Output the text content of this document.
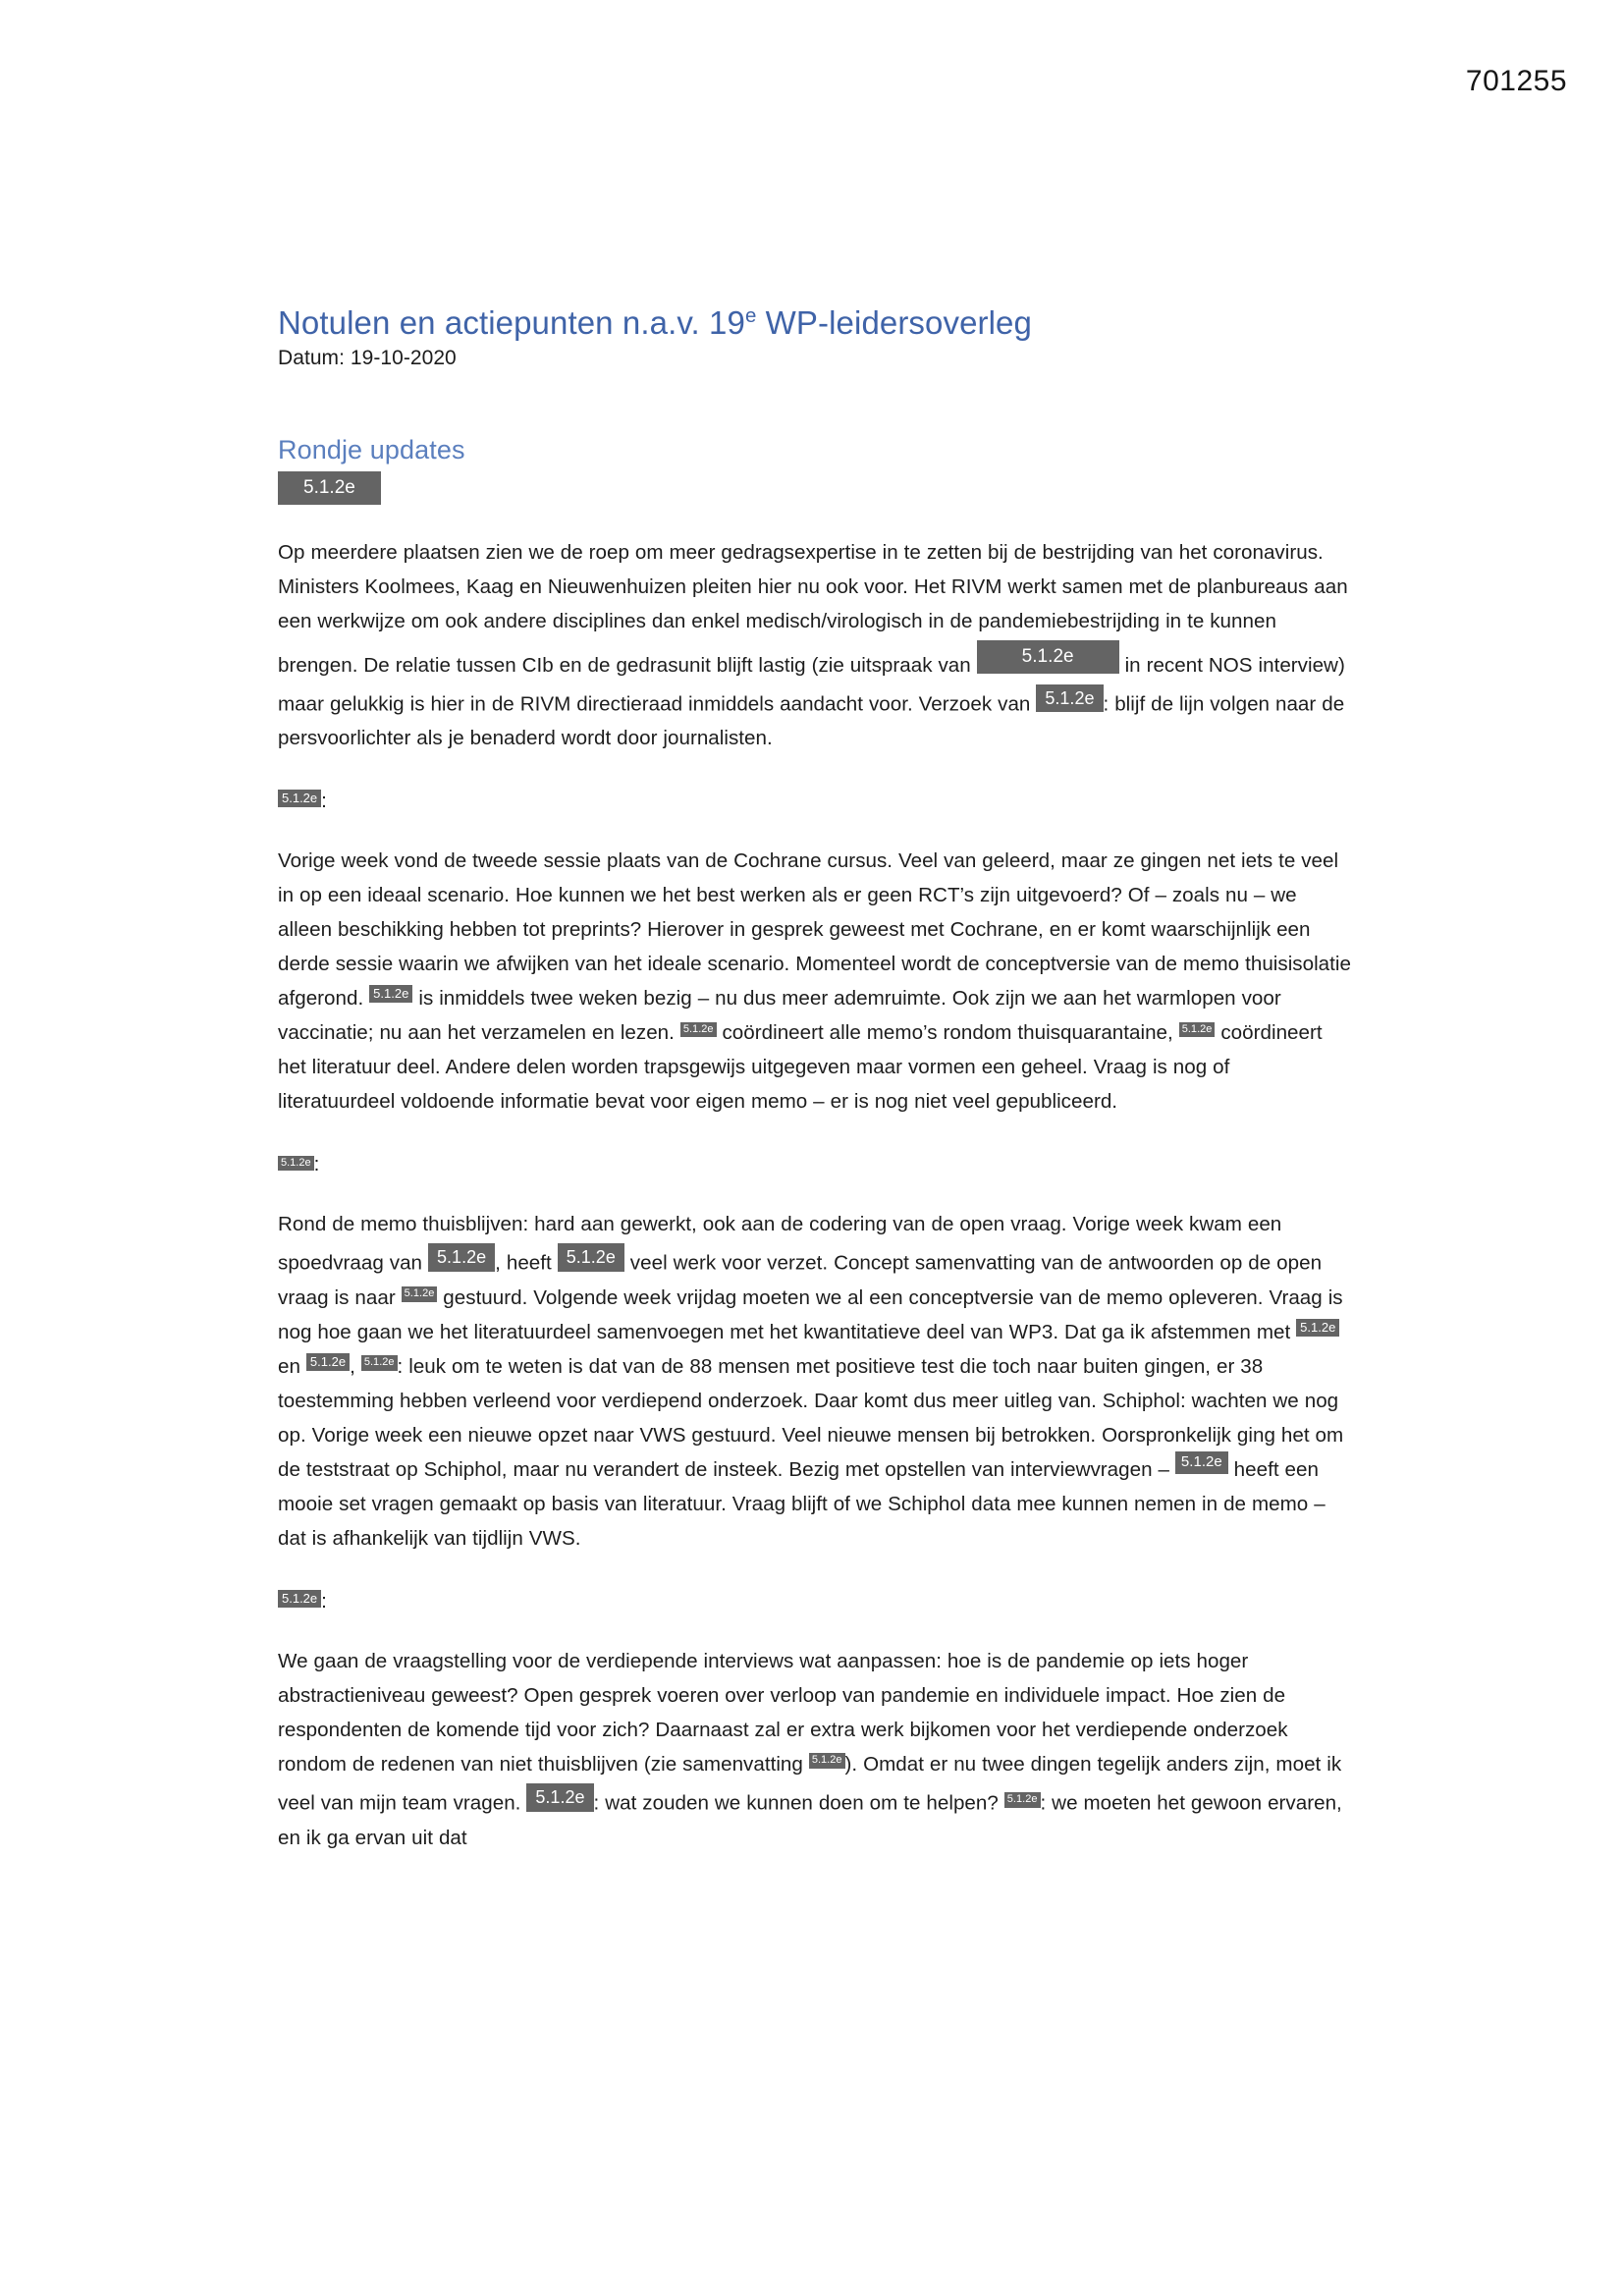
701255
Notulen en actiepunten n.a.v. 19e WP-leidersoverleg

Datum: 19-10-2020

Rondje updates

5.1.2e

Op meerdere plaatsen zien we de roep om meer gedragsexpertise in te zetten bij de bestrijding van het coronavirus. Ministers Koolmees, Kaag en Nieuwenhuizen pleiten hier nu ook voor. Het RIVM werkt samen met de planbureaus aan een werkwijze om ook andere disciplines dan enkel medisch/virologisch in de pandemiebestrijding in te kunnen brengen. De relatie tussen CIb en de gedrasunit blijft lastig (zie uitspraak van 5.1.2e in recent NOS interview) maar gelukkig is hier in de RIVM directieraad inmiddels aandacht voor. Verzoek van 5.1.2e : blijf de lijn volgen naar de persvoorlichter als je benaderd wordt door journalisten.

5.1.2e :

Vorige week vond de tweede sessie plaats van de Cochrane cursus. Veel van geleerd, maar ze gingen net iets te veel in op een ideaal scenario. Hoe kunnen we het best werken als er geen RCT’s zijn uitgevoerd? Of – zoals nu – we alleen beschikking hebben tot preprints? Hierover in gesprek geweest met Cochrane, en er komt waarschijnlijk een derde sessie waarin we afwijken van het ideale scenario. Momenteel wordt de conceptversie van de memo thuisisolatie afgerond. 5.1.2e is inmiddels twee weken bezig – nu dus meer ademruimte. Ook zijn we aan het warmlopen voor vaccinatie; nu aan het verzamelen en lezen. 5.1.2e coördineert alle memo’s rondom thuisquarantaine, 5.1.2e coördineert het literatuur deel. Andere delen worden trapsgewijs uitgegeven maar vormen een geheel. Vraag is nog of literatuurdeel voldoende informatie bevat voor eigen memo – er is nog niet veel gepubliceerd.

5.1.2e :

Rond de memo thuisblijven: hard aan gewerkt, ook aan de codering van de open vraag. Vorige week kwam een spoedvraag van 5.1.2e , heeft 5.1.2e veel werk voor verzet. Concept samenvatting van de antwoorden op de open vraag is naar 5.1.2e gestuurd. Volgende week vrijdag moeten we al een conceptversie van de memo opleveren. Vraag is nog hoe gaan we het literatuurdeel samenvoegen met het kwantitatieve deel van WP3. Dat ga ik afstemmen met 5.1.2e en 5.1.2e , 5.1.2e : leuk om te weten is dat van de 88 mensen met positieve test die toch naar buiten gingen, er 38 toestemming hebben verleend voor verdiepend onderzoek. Daar komt dus meer uitleg van. Schiphol: wachten we nog op. Vorige week een nieuwe opzet naar VWS gestuurd. Veel nieuwe mensen bij betrokken. Oorspronkelijk ging het om de teststraat op Schiphol, maar nu verandert de insteek. Bezig met opstellen van interviewvragen – 5.1.2e heeft een mooie set vragen gemaakt op basis van literatuur. Vraag blijft of we Schiphol data mee kunnen nemen in de memo – dat is afhankelijk van tijdlijn VWS.

5.1.2e :

We gaan de vraagstelling voor de verdiepende interviews wat aanpassen: hoe is de pandemie op iets hoger abstractieniveau geweest? Open gesprek voeren over verloop van pandemie en individuele impact. Hoe zien de respondenten de komende tijd voor zich? Daarnaast zal er extra werk bijkomen voor het verdiepende onderzoek rondom de redenen van niet thuisblijven (zie samenvatting 5.1.2e ). Omdat er nu twee dingen tegelijk anders zijn, moet ik veel van mijn team vragen. 5.1.2e : wat zouden we kunnen doen om te helpen? 5.1.2e : we moeten het gewoon ervaren, en ik ga ervan uit dat
